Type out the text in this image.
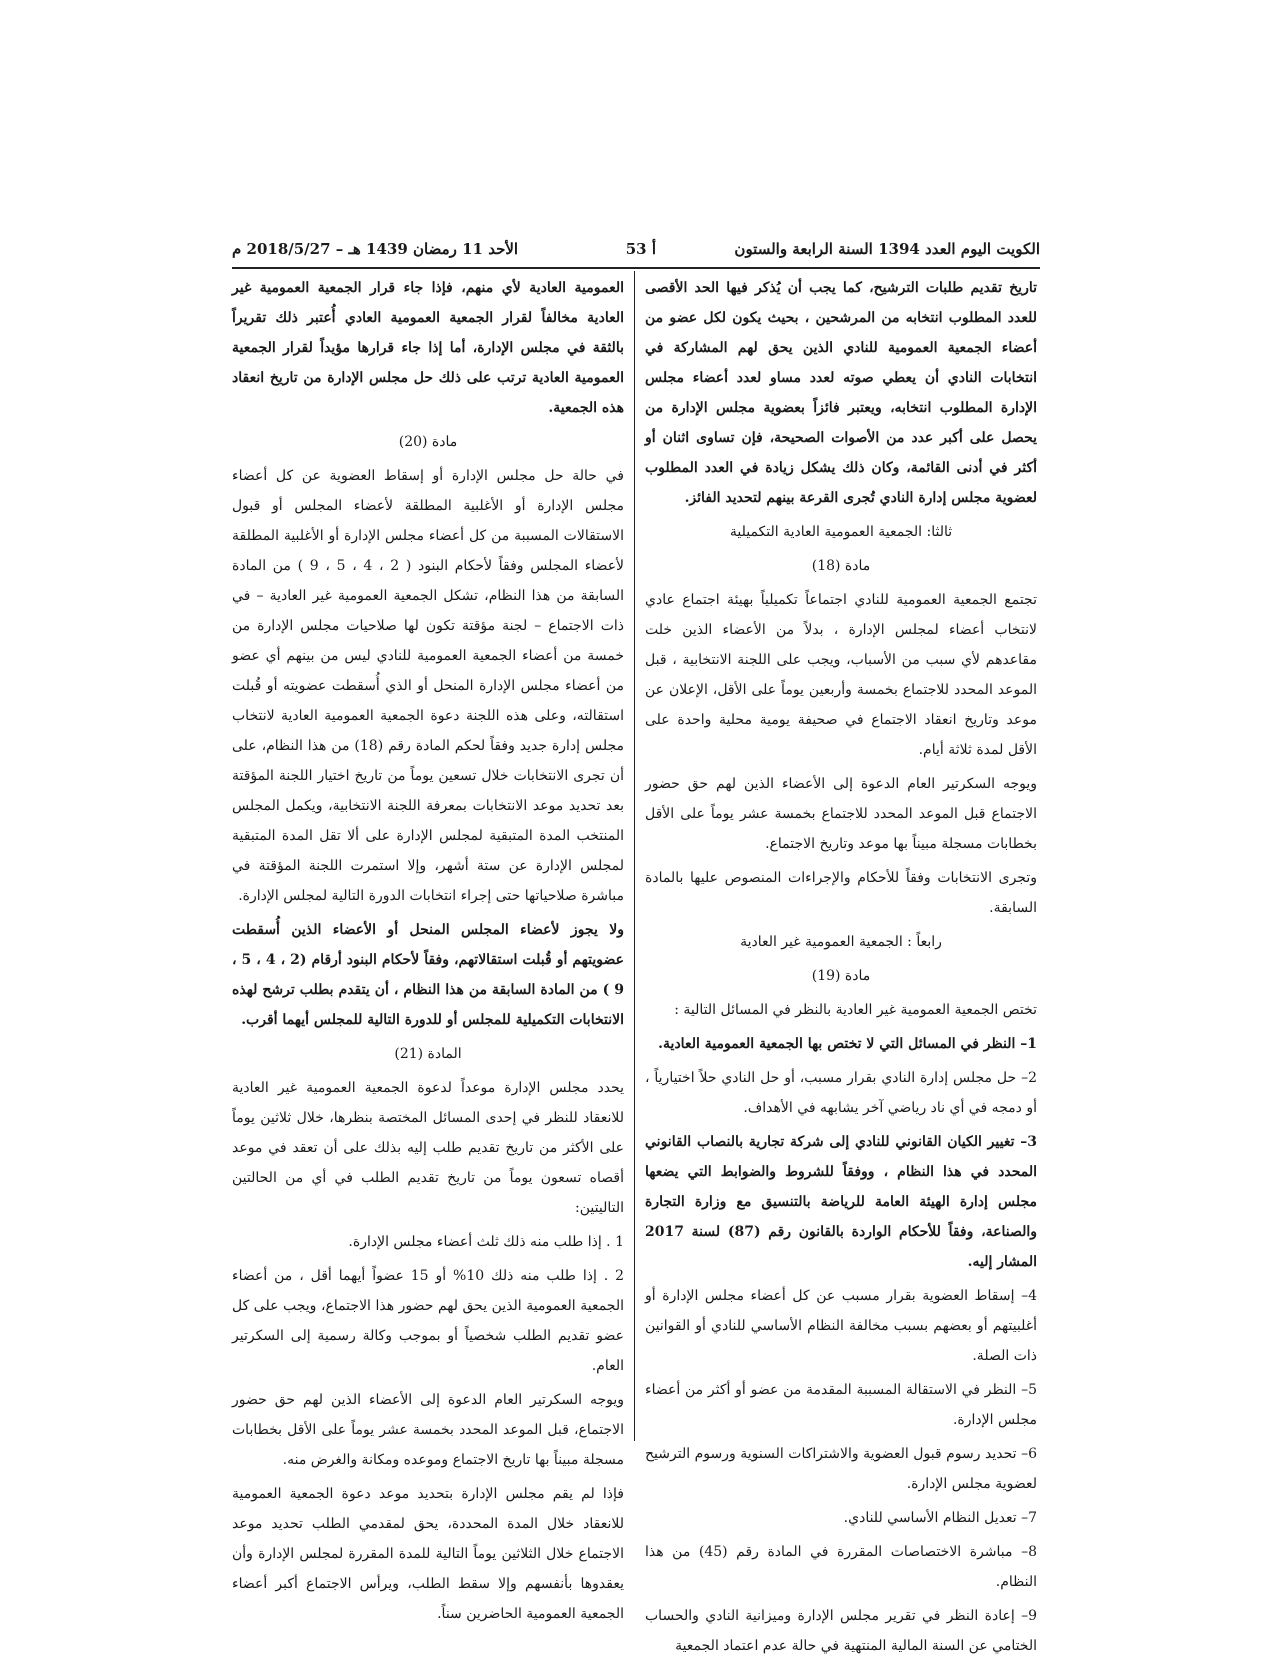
الكويت اليوم العدد 1394 السنة الرابعة والستون
أ 53
الأحد 11 رمضان 1439 هـ – 2018/5/27 م

تاريخ تقديم طلبات الترشيح، كما يجب أن يُذكر فيها الحد الأقصى للعدد المطلوب انتخابه من المرشحين ، بحيث يكون لكل عضو من أعضاء الجمعية العمومية للنادي الذين يحق لهم المشاركة في انتخابات النادي أن يعطي صوته لعدد مساو لعدد أعضاء مجلس الإدارة المطلوب انتخابه، ويعتبر فائزاً بعضوية مجلس الإدارة من يحصل على أكبر عدد من الأصوات الصحيحة، فإن تساوى اثنان أو أكثر في أدنى القائمة، وكان ذلك يشكل زيادة في العدد المطلوب لعضوية مجلس إدارة النادي تُجرى القرعة بينهم لتحديد الفائز.

ثالثا: الجمعية العمومية العادية التكميلية

مادة (18)

تجتمع الجمعية العمومية للنادي اجتماعاً تكميلياً بهيئة اجتماع عادي لانتخاب أعضاء لمجلس الإدارة ، بدلاً من الأعضاء الذين خلت مقاعدهم لأي سبب من الأسباب، ويجب على اللجنة الانتخابية ، قبل الموعد المحدد للاجتماع بخمسة وأربعين يوماً على الأقل، الإعلان عن موعد وتاريخ انعقاد الاجتماع في صحيفة يومية محلية واحدة على الأقل لمدة ثلاثة أيام.

ويوجه السكرتير العام الدعوة إلى الأعضاء الذين لهم حق حضور الاجتماع قبل الموعد المحدد للاجتماع بخمسة عشر يوماً على الأقل بخطابات مسجلة مبيناً بها موعد وتاريخ الاجتماع.

وتجرى الانتخابات وفقاً للأحكام والإجراءات المنصوص عليها بالمادة السابقة.

رابعاً : الجمعية العمومية غير العادية

مادة (19)

تختص الجمعية العمومية غير العادية بالنظر في المسائل التالية :

1– النظر في المسائل التي لا تختص بها الجمعية العمومية العادية.

2– حل مجلس إدارة النادي بقرار مسبب، أو حل النادي حلاً اختيارياً ، أو دمجه في أي ناد رياضي آخر يشابهه في الأهداف.

3– تغيير الكيان القانوني للنادي إلى شركة تجارية بالنصاب القانوني المحدد في هذا النظام ، ووفقاً للشروط والضوابط التي يضعها مجلس إدارة الهيئة العامة للرياضة بالتنسيق مع وزارة التجارة والصناعة، وفقاً للأحكام الواردة بالقانون رقم (87) لسنة 2017 المشار إليه.

4– إسقاط العضوية بقرار مسبب عن كل أعضاء مجلس الإدارة أو أغلبيتهم أو بعضهم بسبب مخالفة النظام الأساسي للنادي أو القوانين ذات الصلة.

5– النظر في الاستقالة المسببة المقدمة من عضو أو أكثر من أعضاء مجلس الإدارة.

6– تحديد رسوم قبول العضوية والاشتراكات السنوية ورسوم الترشيح لعضوية مجلس الإدارة.

7– تعديل النظام الأساسي للنادي.

8– مباشرة الاختصاصات المقررة في المادة رقم (45) من هذا النظام.

9– إعادة النظر في تقرير مجلس الإدارة وميزانية النادي والحساب الختامي عن السنة المالية المنتهية في حالة عدم اعتماد الجمعية

العمومية العادية لأي منهم، فإذا جاء قرار الجمعية العمومية غير العادية مخالفاً لقرار الجمعية العمومية العادي أُعتبر ذلك تقريراً بالثقة في مجلس الإدارة، أما إذا جاء قرارها مؤيداً لقرار الجمعية العمومية العادية ترتب على ذلك حل مجلس الإدارة من تاريخ انعقاد هذه الجمعية.

مادة (20)

في حالة حل مجلس الإدارة أو إسقاط العضوية عن كل أعضاء مجلس الإدارة أو الأغلبية المطلقة لأعضاء المجلس أو قبول الاستقالات المسببة من كل أعضاء مجلس الإدارة أو الأغلبية المطلقة لأعضاء المجلس وفقاً لأحكام البنود ( 2 ، 4 ، 5 ، 9 ) من المادة السابقة من هذا النظام، تشكل الجمعية العمومية غير العادية – في ذات الاجتماع – لجنة مؤقتة تكون لها صلاحيات مجلس الإدارة من خمسة من أعضاء الجمعية العمومية للنادي ليس من بينهم أي عضو من أعضاء مجلس الإدارة المنحل أو الذي أُسقطت عضويته أو قُبلت استقالته، وعلى هذه اللجنة دعوة الجمعية العمومية العادية لانتخاب مجلس إدارة جديد وفقاً لحكم المادة رقم (18) من هذا النظام، على أن تجرى الانتخابات خلال تسعين يوماً من تاريخ اختيار اللجنة المؤقتة بعد تحديد موعد الانتخابات بمعرفة اللجنة الانتخابية، ويكمل المجلس المنتخب المدة المتبقية لمجلس الإدارة على ألا تقل المدة المتبقية لمجلس الإدارة عن ستة أشهر، وإلا استمرت اللجنة المؤقتة في مباشرة صلاحياتها حتى إجراء انتخابات الدورة التالية لمجلس الإدارة.

ولا يجوز لأعضاء المجلس المنحل أو الأعضاء الذين أُسقطت عضويتهم أو قُبلت استقالاتهم، وفقاً لأحكام البنود أرقام (2 ، 4 ، 5 ، 9 ) من المادة السابقة من هذا النظام ، أن يتقدم بطلب ترشح لهذه الانتخابات التكميلية للمجلس أو للدورة التالية للمجلس أيهما أقرب.

المادة (21)

يحدد مجلس الإدارة موعداً لدعوة الجمعية العمومية غير العادية للانعقاد للنظر في إحدى المسائل المختصة بنظرها، خلال ثلاثين يوماً على الأكثر من تاريخ تقديم طلب إليه بذلك على أن تعقد في موعد أقصاه تسعون يوماً من تاريخ تقديم الطلب في أي من الحالتين التاليتين:

1 . إذا طلب منه ذلك ثلث أعضاء مجلس الإدارة.

2 . إذا طلب منه ذلك 10% أو 15 عضواً أيهما أقل ، من أعضاء الجمعية العمومية الذين يحق لهم حضور هذا الاجتماع، ويجب على كل عضو تقديم الطلب شخصياً أو بموجب وكالة رسمية إلى السكرتير العام.

ويوجه السكرتير العام الدعوة إلى الأعضاء الذين لهم حق حضور الاجتماع، قبل الموعد المحدد بخمسة عشر يوماً على الأقل بخطابات مسجلة مبيناً بها تاريخ الاجتماع وموعده ومكانة والغرض منه.

فإذا لم يقم مجلس الإدارة بتحديد موعد دعوة الجمعية العمومية للانعقاد خلال المدة المحددة، يحق لمقدمي الطلب تحديد موعد الاجتماع خلال الثلاثين يوماً التالية للمدة المقررة لمجلس الإدارة وأن يعقدوها بأنفسهم وإلا سقط الطلب، ويرأس الاجتماع أكبر أعضاء الجمعية العمومية الحاضرين سناً.
